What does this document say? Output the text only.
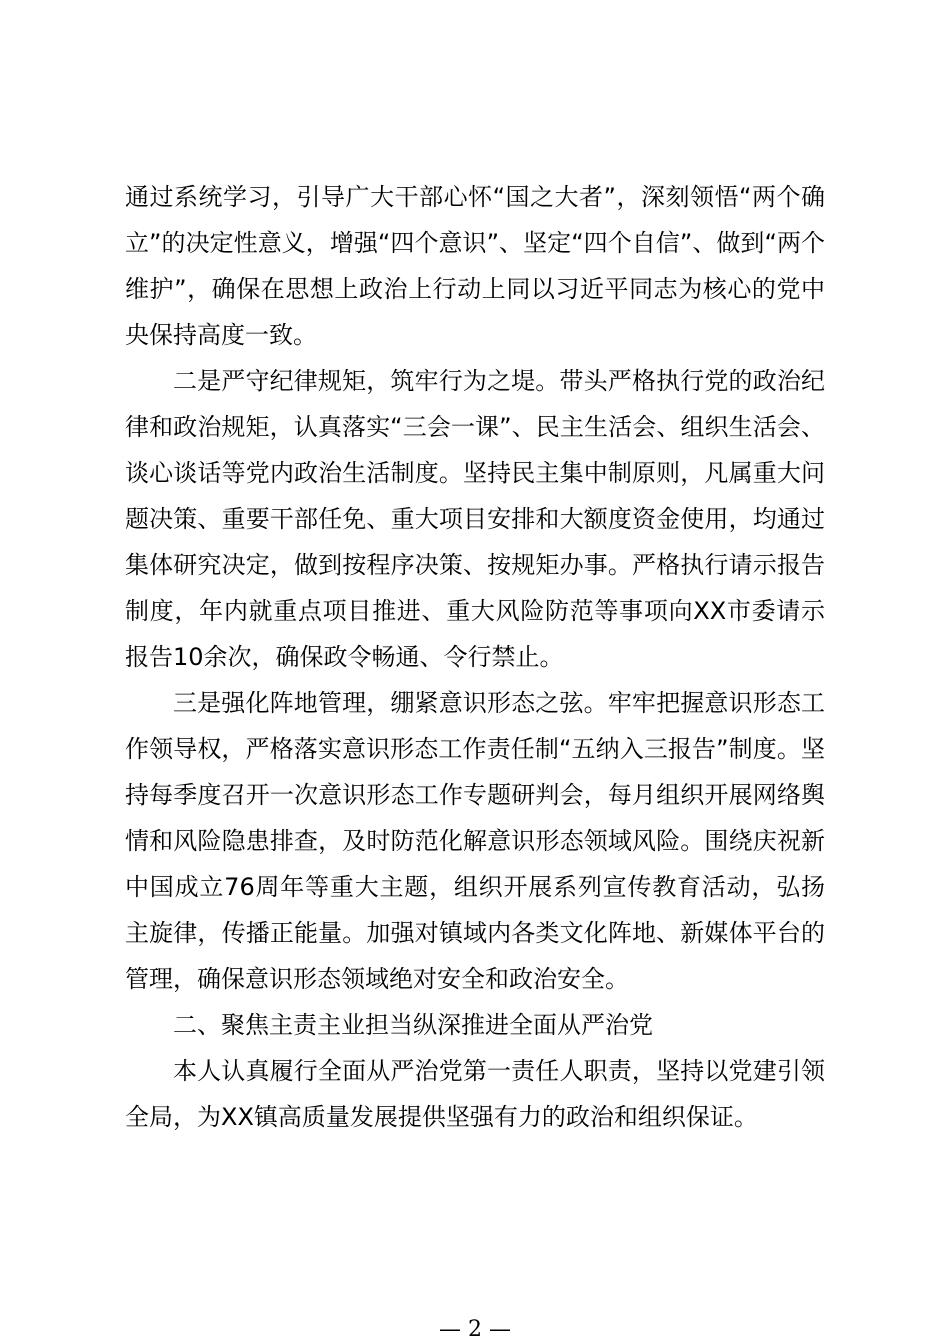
通过系统学习，引导广大干部心怀“国之大者”，深刻领悟“两个确立”的决定性意义，增强“四个意识”、坚定“四个自信”、做到“两个维护”，确保在思想上政治上行动上同以习近平同志为核心的党中央保持高度一致。

二是严守纪律规矩，筑牢行为之堤。带头严格执行党的政治纪律和政治规矩，认真落实“三会一课”、民主生活会、组织生活会、谈心谈话等党内政治生活制度。坚持民主集中制原则，凡属重大问题决策、重要干部任免、重大项目安排和大额度资金使用，均通过集体研究决定，做到按程序决策、按规矩办事。严格执行请示报告制度，年内就重点项目推进、重大风险防范等事项向XX市委请示报告10余次，确保政令畅通、令行禁止。

三是强化阵地管理，绷紧意识形态之弦。牢牢把握意识形态工作领导权，严格落实意识形态工作责任制“五纳入三报告”制度。坚持每季度召开一次意识形态工作专题研判会，每月组织开展网络舆情和风险隐患排查，及时防范化解意识形态领域风险。围绕庆祝新中国成立76周年等重大主题，组织开展系列宣传教育活动，弘扬主旋律，传播正能量。加强对镇域内各类文化阵地、新媒体平台的管理，确保意识形态领域绝对安全和政治安全。

二、聚焦主责主业担当纵深推进全面从严治党

本人认真履行全面从严治党第一责任人职责，坚持以党建引领全局，为XX镇高质量发展提供坚强有力的政治和组织保证。

— 2 —
